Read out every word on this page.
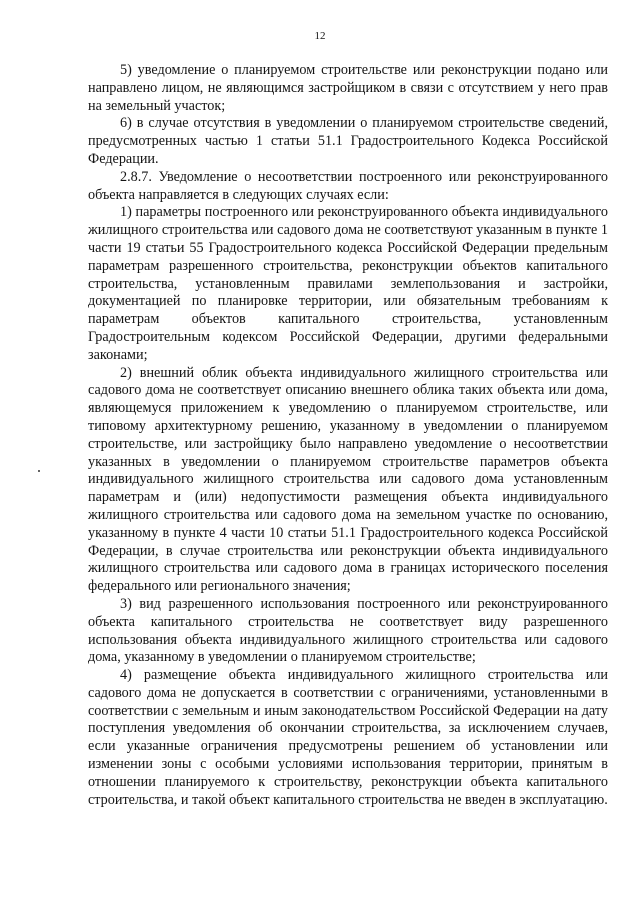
12

5) уведомление о планируемом строительстве или реконструкции подано или направлено лицом, не являющимся застройщиком в связи с отсутствием у него прав на земельный участок;

6) в случае отсутствия в уведомлении о планируемом строительстве сведений, предусмотренных частью 1 статьи 51.1 Градостроительного Кодекса Российской Федерации.

2.8.7. Уведомление о несоответствии построенного или реконструированного объекта направляется в следующих случаях если:

1) параметры построенного или реконструированного объекта индивидуального жилищного строительства или садового дома не соответствуют указанным в пункте 1 части 19 статьи 55 Градостроительного кодекса Российской Федерации предельным параметрам разрешенного строительства, реконструкции объектов капитального строительства, установленным правилами землепользования и застройки, документацией по планировке территории, или обязательным требованиям к параметрам объектов капитального строительства, установленным Градостроительным кодексом Российской Федерации, другими федеральными законами;

2) внешний облик объекта индивидуального жилищного строительства или садового дома не соответствует описанию внешнего облика таких объекта или дома, являющемуся приложением к уведомлению о планируемом строительстве, или типовому архитектурному решению, указанному в уведомлении о планируемом строительстве, или застройщику было направлено уведомление о несоответствии указанных в уведомлении о планируемом строительстве параметров объекта индивидуального жилищного строительства или садового дома установленным параметрам и (или) недопустимости размещения объекта индивидуального жилищного строительства или садового дома на земельном участке по основанию, указанному в пункте 4 части 10 статьи 51.1 Градостроительного кодекса Российской Федерации, в случае строительства или реконструкции объекта индивидуального жилищного строительства или садового дома в границах исторического поселения федерального или регионального значения;

3) вид разрешенного использования построенного или реконструированного объекта капитального строительства не соответствует виду разрешенного использования объекта индивидуального жилищного строительства или садового дома, указанному в уведомлении о планируемом строительстве;

4) размещение объекта индивидуального жилищного строительства или садового дома не допускается в соответствии с ограничениями, установленными в соответствии с земельным и иным законодательством Российской Федерации на дату поступления уведомления об окончании строительства, за исключением случаев, если указанные ограничения предусмотрены решением об установлении или изменении зоны с особыми условиями использования территории, принятым в отношении планируемого к строительству, реконструкции объекта капитального строительства, и такой объект капитального строительства не введен в эксплуатацию.
